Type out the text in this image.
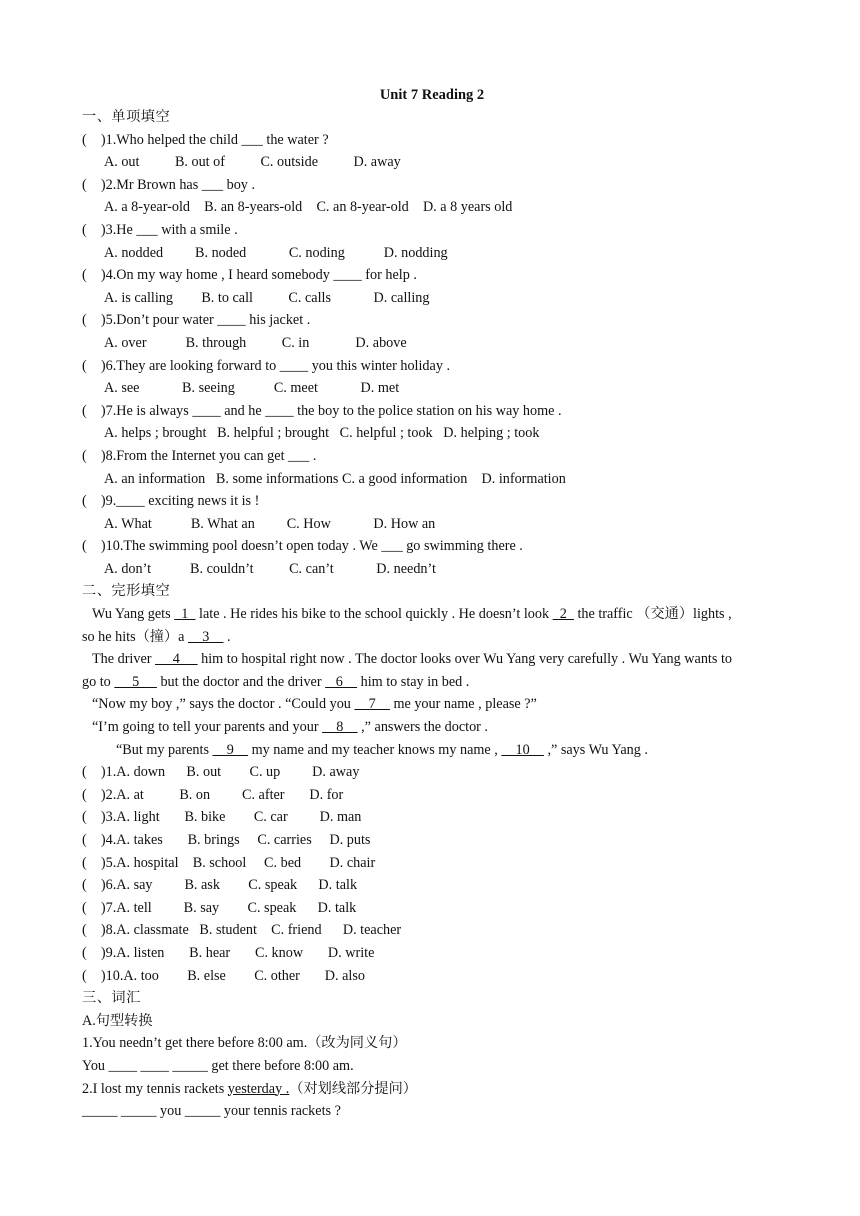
Unit 7 Reading 2
一、单项填空
(    )1.Who helped the child ___ the water ?
A. out          B. out of          C. outside          D. away
(    )2.Mr Brown has ___ boy .
A. a 8-year-old    B. an 8-years-old    C. an 8-year-old    D. a 8 years old
(    )3.He ___ with a smile .
A. nodded         B. noded            C. noding           D. nodding
(    )4.On my way home , I heard somebody ____ for help .
A. is calling        B. to call          C. calls            D. calling
(    )5.Don’t pour water ____ his jacket .
A. over           B. through          C. in             D. above
(    )6.They are looking forward to ____ you this winter holiday .
A. see            B. seeing           C. meet            D. met
(    )7.He is always ____ and he ____ the boy to the police station on his way home .
A. helps ; brought   B. helpful ; brought   C. helpful ; took   D. helping ; took
(    )8.From the Internet you can get ___ .
A. an information   B. some informations C. a good information    D. information
(    )9.____ exciting news it is !
A. What           B. What an         C. How            D. How an
(    )10.The swimming pool doesn’t open today . We ___ go swimming there .
A. don’t           B. couldn’t          C. can’t            D. needn’t
二、完形填空
Wu Yang gets   1   late . He rides his bike to the school quickly . He doesn’t look   2   the traffic （交通）lights ,
so he hits（撞）a     3     .
The driver      4      him to hospital right now . The doctor looks over Wu Yang very carefully . Wu Yang wants to
go to      5      but the doctor and the driver    6     him to stay in bed .
“Now my boy ,” says the doctor . “Could you     7     me your name , please ?”
“I’m going to tell your parents and your     8     ,” answers the doctor .
“But my parents     9     my name and my teacher knows my name ,     10     ,” says Wu Yang .
(    )1.A. down      B. out        C. up         D. away
(    )2.A. at          B. on         C. after       D. for
(    )3.A. light       B. bike        C. car         D. man
(    )4.A. takes       B. brings     C. carries     D. puts
(    )5.A. hospital    B. school     C. bed        D. chair
(    )6.A. say         B. ask        C. speak      D. talk
(    )7.A. tell         B. say        C. speak      D. talk
(    )8.A. classmate   B. student    C. friend      D. teacher
(    )9.A. listen       B. hear       C. know       D. write
(    )10.A. too        B. else        C. other       D. also
三、词汇
A.句型转换
1.You needn’t get there before 8:00 am.（改为同义句）
You ____ ____ _____ get there before 8:00 am.
2.I lost my tennis rackets yesterday .（对划线部分提问）
_____ _____ you _____ your tennis rackets ?
